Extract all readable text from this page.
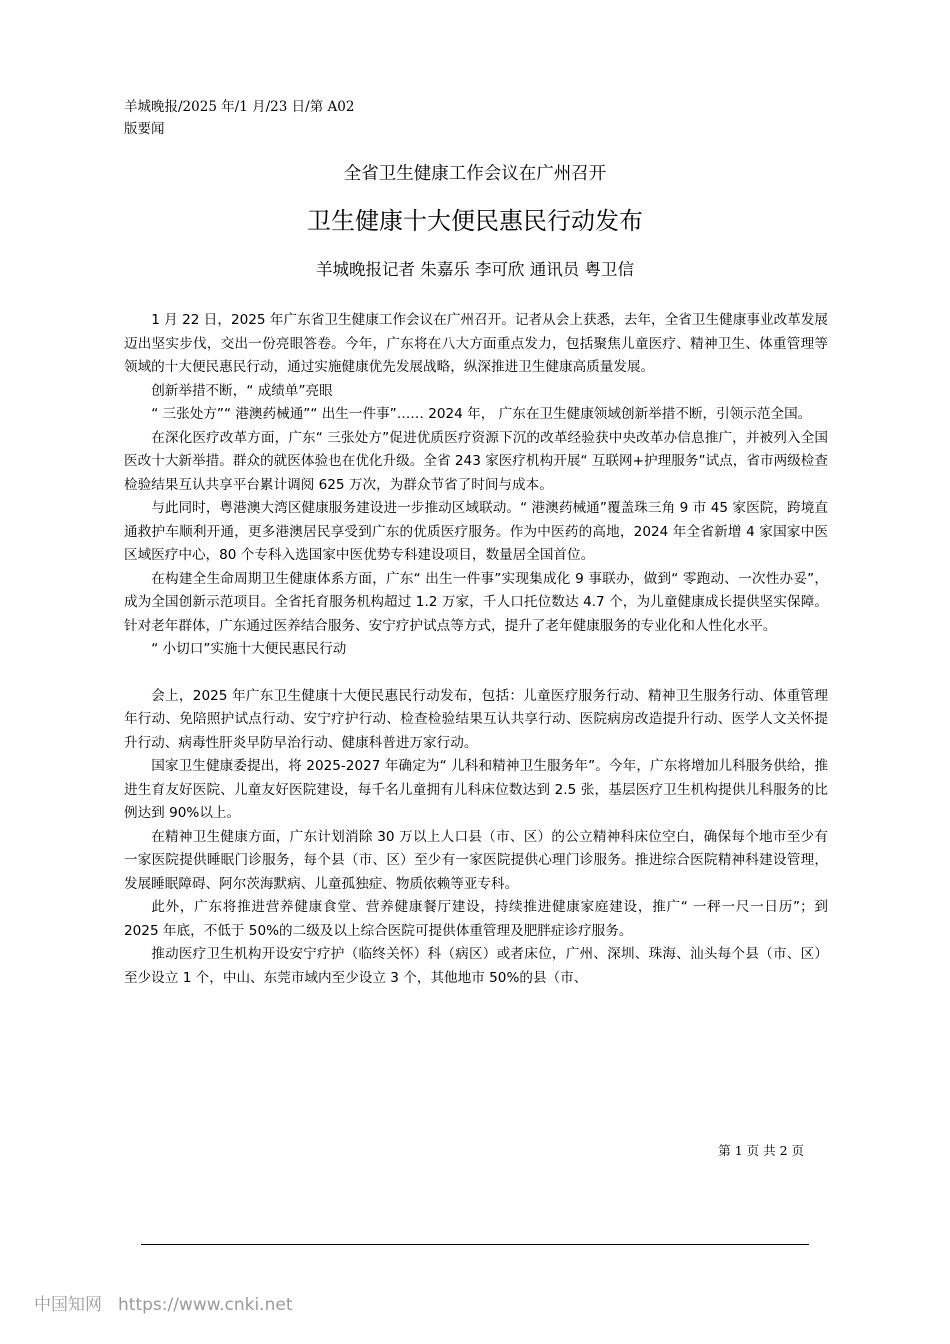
羊城晚报/2025 年/1 月/23 日/第 A02
版要闻
全省卫生健康工作会议在广州召开
卫生健康十大便民惠民行动发布
羊城晚报记者 朱嘉乐 李可欣 通讯员 粤卫信

1 月 22 日，2025 年广东省卫生健康工作会议在广州召开。记者从会上获悉，去年，全省卫生健康事业改革发展迈出坚实步伐，交出一份亮眼答卷。今年，广东将在八大方面重点发力，包括聚焦儿童医疗、精神卫生、体重管理等领域的十大便民惠民行动，通过实施健康优先发展战略，纵深推进卫生健康高质量发展。

创新举措不断，“ 成绩单”亮眼

“ 三张处方”“ 港澳药械通”“ 出生一件事”…… 2024 年， 广东在卫生健康领域创新举措不断，引领示范全国。

在深化医疗改革方面，广东“ 三张处方”促进优质医疗资源下沉的改革经验获中央改革办信息推广，并被列入全国医改十大新举措。群众的就医体验也在优化升级。全省 243 家医疗机构开展“ 互联网+护理服务”试点，省市两级检查检验结果互认共享平台累计调阅 625 万次，为群众节省了时间与成本。

与此同时，粤港澳大湾区健康服务建设进一步推动区域联动。“ 港澳药械通”覆盖珠三角 9 市 45 家医院，跨境直通救护车顺利开通，更多港澳居民享受到广东的优质医疗服务。作为中医药的高地，2024 年全省新增 4 家国家中医区域医疗中心，80 个专科入选国家中医优势专科建设项目，数量居全国首位。

在构建全生命周期卫生健康体系方面，广东“ 出生一件事”实现集成化 9 事联办，做到“ 零跑动、一次性办妥”，成为全国创新示范项目。全省托育服务机构超过 1.2 万家，千人口托位数达 4.7 个，为儿童健康成长提供坚实保障。针对老年群体，广东通过医养结合服务、安宁疗护试点等方式，提升了老年健康服务的专业化和人性化水平。

“ 小切口”实施十大便民惠民行动

会上，2025 年广东卫生健康十大便民惠民行动发布，包括：儿童医疗服务行动、精神卫生服务行动、体重管理年行动、免陪照护试点行动、安宁疗护行动、检查检验结果互认共享行动、医院病房改造提升行动、医学人文关怀提升行动、病毒性肝炎早防早治行动、健康科普进万家行动。

国家卫生健康委提出，将 2025-2027 年确定为“ 儿科和精神卫生服务年”。今年，广东将增加儿科服务供给，推进生育友好医院、儿童友好医院建设，每千名儿童拥有儿科床位数达到 2.5 张，基层医疗卫生机构提供儿科服务的比例达到 90%以上。

在精神卫生健康方面，广东计划消除 30 万以上人口县（市、区）的公立精神科床位空白，确保每个地市至少有一家医院提供睡眠门诊服务，每个县（市、区）至少有一家医院提供心理门诊服务。推进综合医院精神科建设管理，发展睡眠障碍、阿尔茨海默病、儿童孤独症、物质依赖等亚专科。

此外，广东将推进营养健康食堂、营养健康餐厅建设，持续推进健康家庭建设，推广“ 一秤一尺一日历”；到 2025 年底，不低于 50%的二级及以上综合医院可提供体重管理及肥胖症诊疗服务。

推动医疗卫生机构开设安宁疗护（临终关怀）科（病区）或者床位，广州、深圳、珠海、汕头每个县（市、区）至少设立 1 个，中山、东莞市域内至少设立 3 个，其他地市 50%的县（市、

第 1 页 共 2 页
中国知网 https://www.cnki.net
